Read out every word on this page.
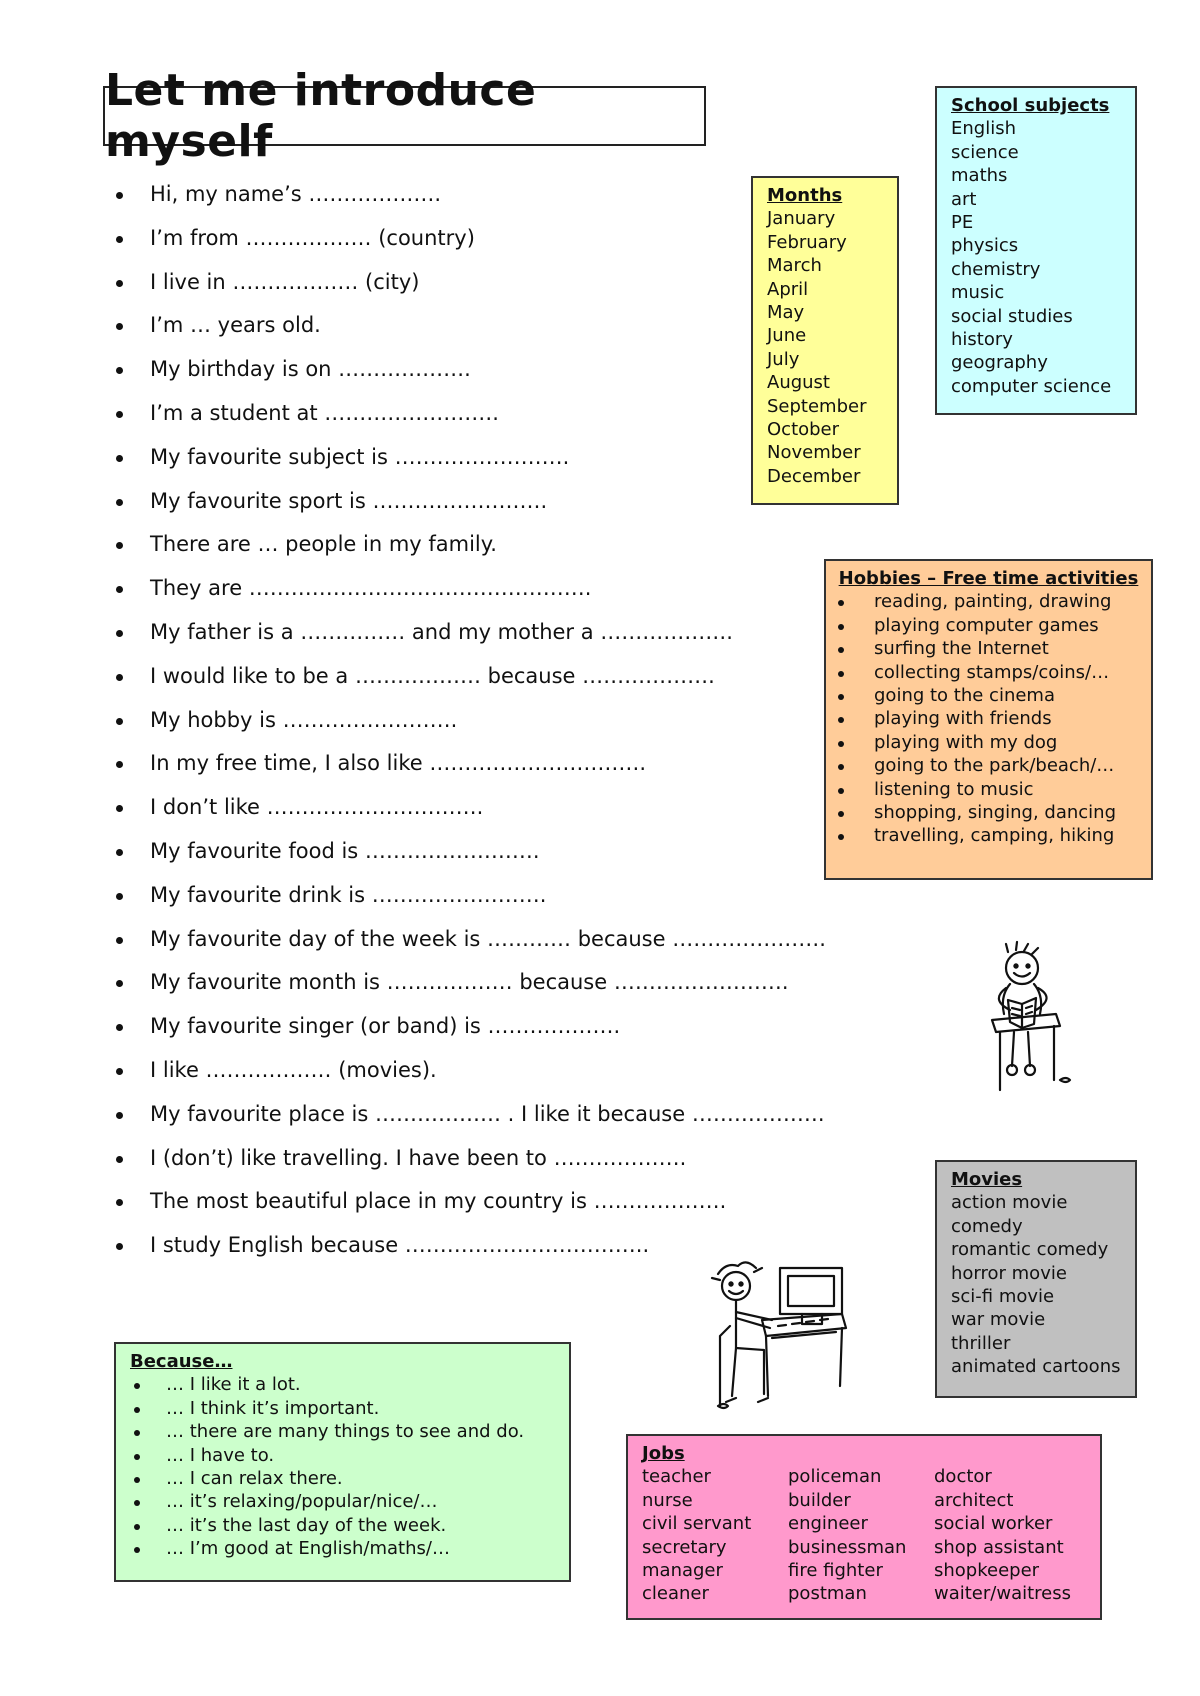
Let me introduce myself
Hi, my name’s ……………….
I’m from ……………… (country)
I live in ……………… (city)
I’m … years old.
My birthday is on ……………….
I’m a student at …………………….
My favourite subject is …………………….
My favourite sport is …………………….
There are … people in my family.
They are ………………………………………….
My father is a …………… and my mother a ……………….
I would like to be a ……………… because ……………….
My hobby is …………………….
In my free time, I also like ………………………….
I don’t like ………………………….
My favourite food is …………………….
My favourite drink is …………………….
My favourite day of the week is ………… because ………………….
My favourite month is ……………… because …………………….
My favourite singer (or band) is ……………….
I like ……………… (movies).
My favourite place is ……………… . I like it because ……………….
I (don’t) like travelling. I have been to ……………….
The most beautiful place in my country is ……………….
I study English because ……………………………..
Months
January
February
March
April
May
June
July
August
September
October
November
December
School subjects
English
science
maths
art
PE
physics
chemistry
music
social studies
history
geography
computer science
Hobbies – Free time activities
reading, painting, drawing
playing computer games
surfing the Internet
collecting stamps/coins/…
going to the cinema
playing with friends
playing with my dog
going to the park/beach/…
listening to music
shopping, singing, dancing
travelling, camping, hiking
Movies
action movie
comedy
romantic comedy
horror movie
sci-fi movie
war movie
thriller
animated cartoons
Because…
… I like it a lot.
… I think it’s important.
… there are many things to see and do.
… I have to.
… I can relax there.
… it’s relaxing/popular/nice/…
… it’s the last day of the week.
… I’m good at English/maths/…
Jobs
teacher	policeman	doctor
nurse	builder	architect
civil servant	engineer	social worker
secretary	businessman	shop assistant
manager	fire fighter	shopkeeper
cleaner	postman	waiter/waitress
